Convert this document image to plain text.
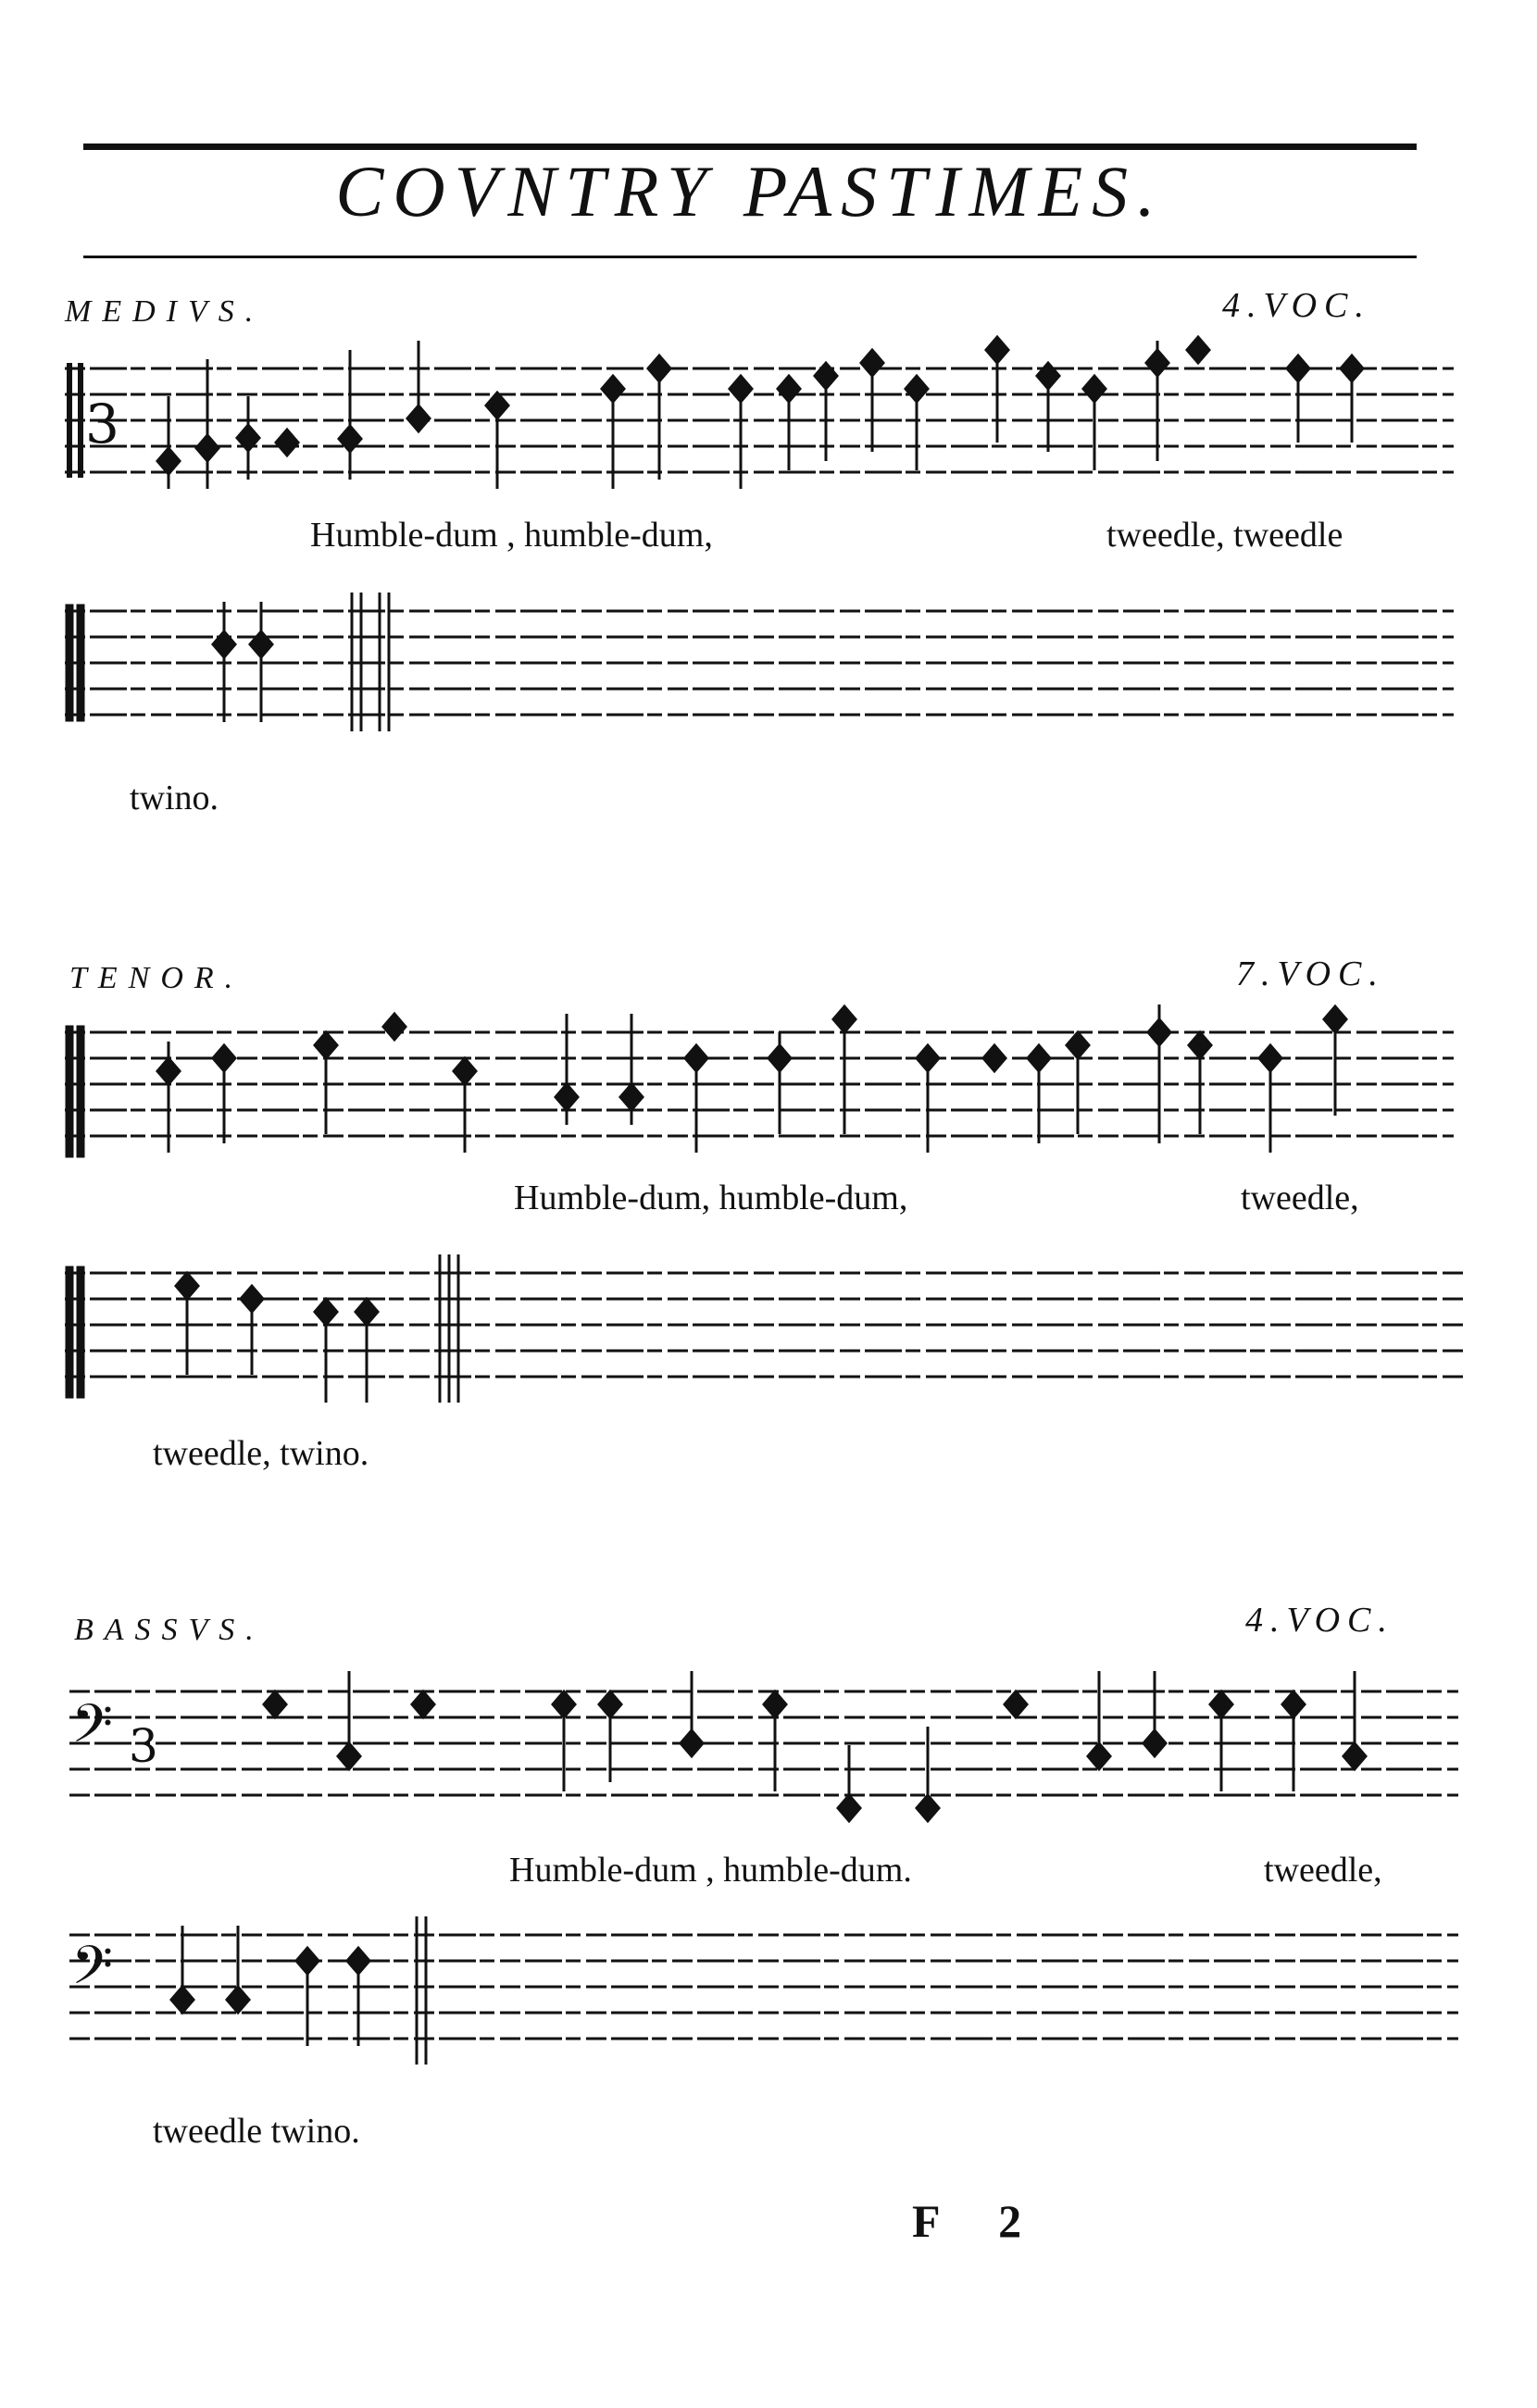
COVNTRY PASTIMES.
MEDIVS.	4.VOC.
3
Humble-dum , humble-dum,	tweedle, tweedle
twino.
TENOR.	7.VOC.
Humble-dum, humble-dum,	tweedle,
tweedle, twino.
BASSVS.	4.VOC.
𝄢 3
Humble-dum , humble-dum.	tweedle,
𝄢
tweedle twino.
F 2
